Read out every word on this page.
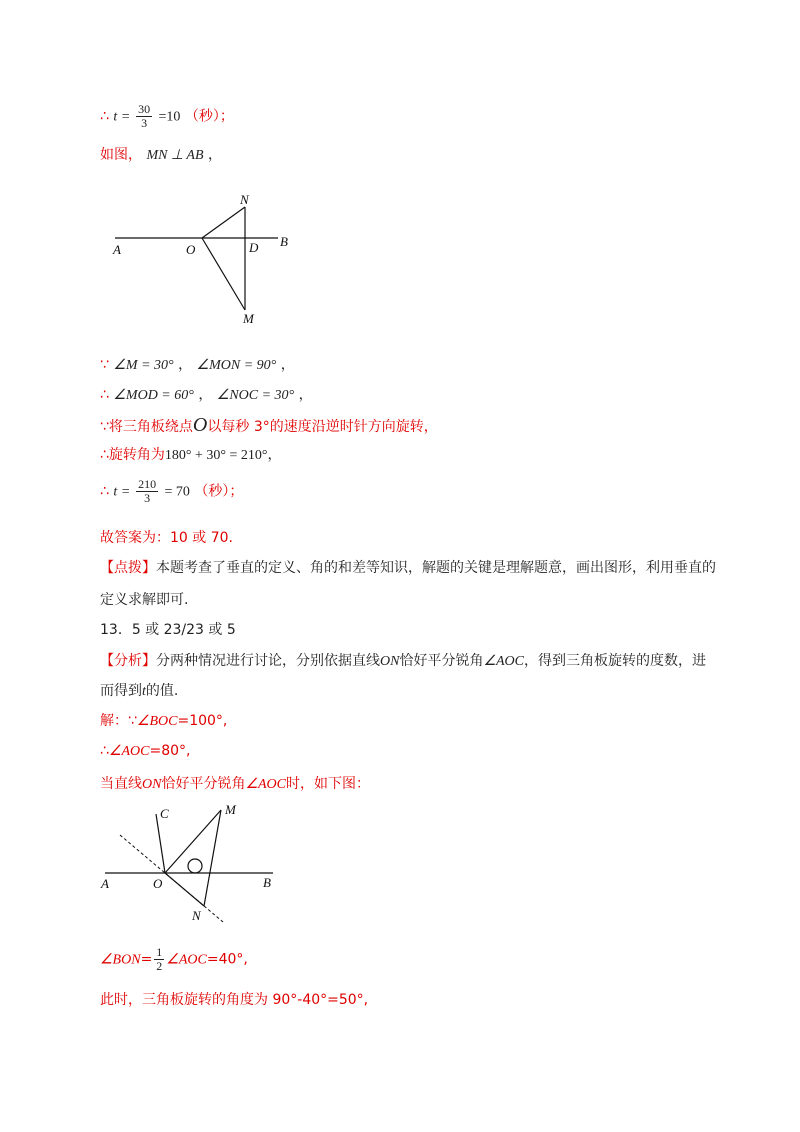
∴ $t = \frac{30}{3} =10$ （秒）；
如图， MN ⊥ AB ，
A	O	D B
N
M
∵ ∠M = 30° ， ∠MON = 90° ，
∴ ∠MOD = 60° ， ∠NOC = 30° ，
∵将三角板绕点O以每秒 3°的速度沿逆时针方向旋转，
∴旋转角为180° + 30° = 210°，
∴ $t = \frac{210}{3} = 70$ （秒）；
故答案为：10 或 70.
【点拨】本题考查了垂直的定义、角的和差等知识，解题的关键是理解题意，画出图形，利用垂直的
定义求解即可.
13．5 或 23/23 或 5
【分析】分两种情况进行讨论，分别依据直线ON恰好平分锐角∠AOC，得到三角板旋转的度数，进
而得到t的值.
解：∵∠BOC=100°,
∴∠AOC=80°,
当直线ON恰好平分锐角∠AOC时，如下图：
C	M
A	O	B
N
∠BON= $\frac{1}{2}$ ∠AOC=40°,
此时，三角板旋转的角度为 90°-40°=50°,
